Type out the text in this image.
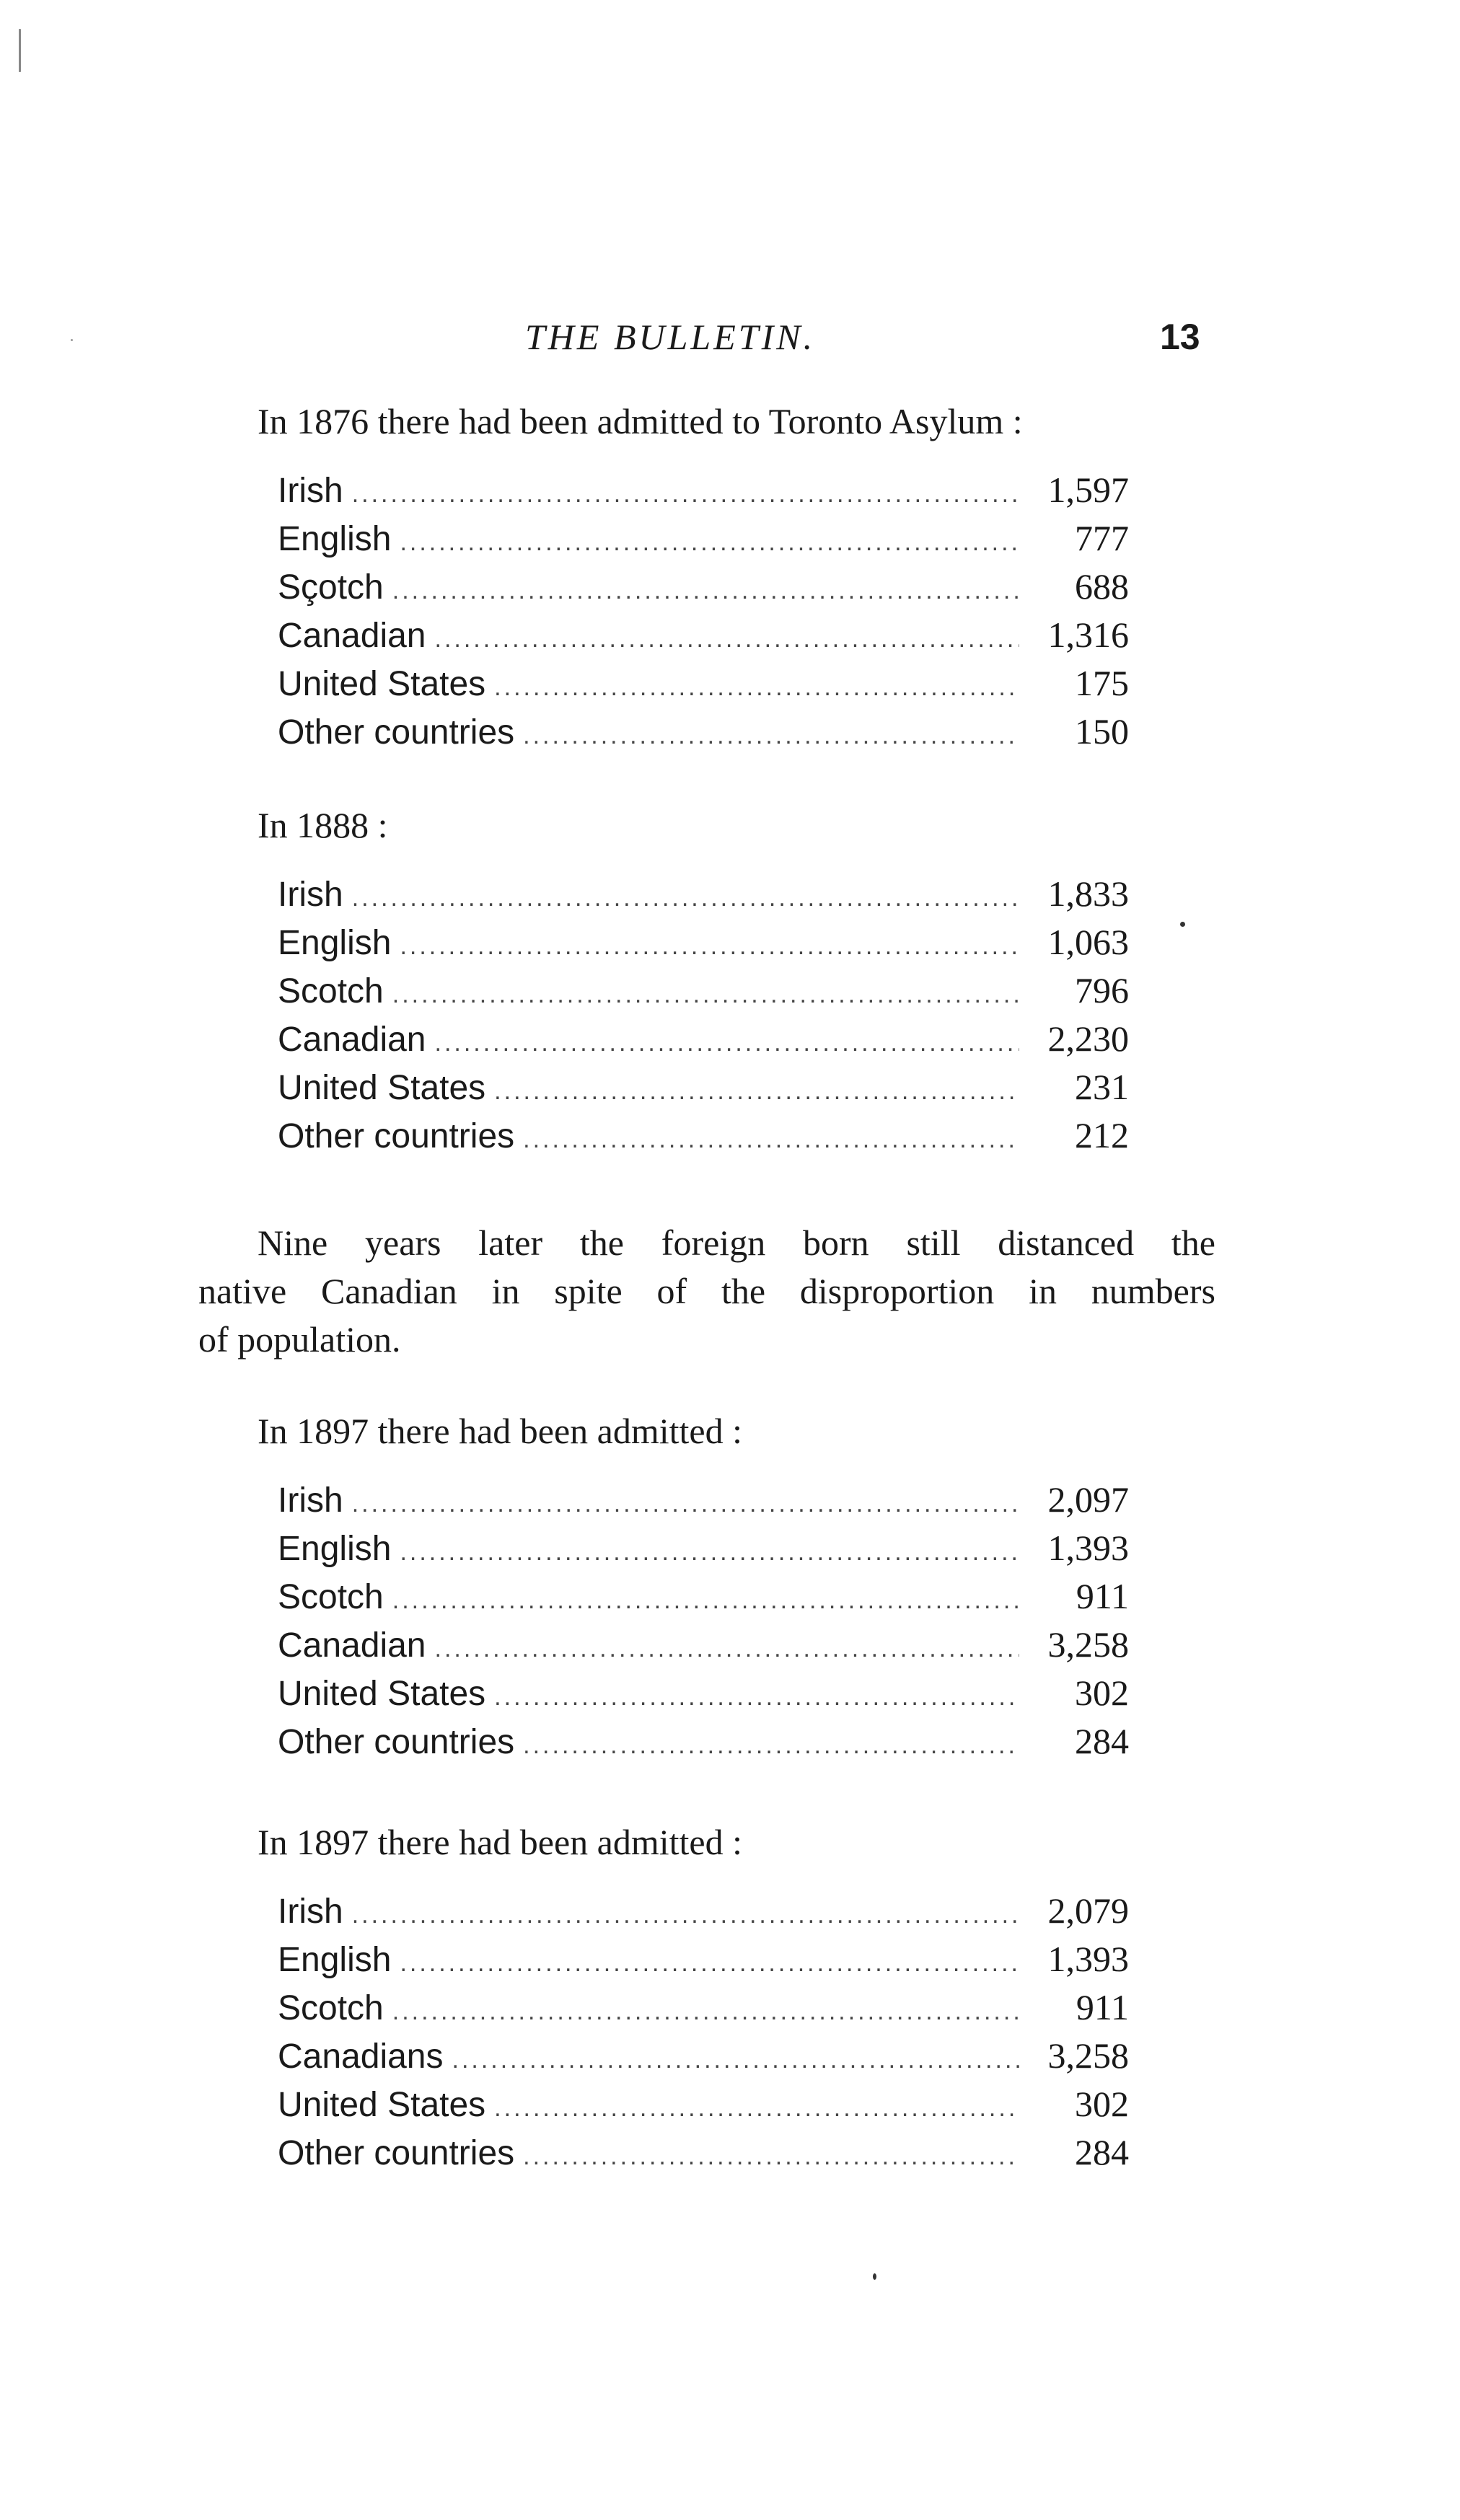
THE BULLETIN.	13
In 1876 there had been admitted to Toronto Asylum :
Irish .....	1,597
English .....	777
Sçotch .....	688
Canadian .....	1,316
United States .....	175
Other countries .....	150
In 1888 :
Irish .....	1,833
English .....	1,063
Scotch .....	796
Canadian .....	2,230
United States .....	231
Other countries .....	212
Nine years later the foreign born still distanced the
native Canadian in spite of the disproportion in numbers
of population.
In 1897 there had been admitted :
Irish .....	2,097
English .....	1,393
Scotch .....	911
Canadian .....	3,258
United States .....	302
Other countries .....	284
In 1897 there had been admitted :
Irish .....	2,079
English .....	1,393
Scotch .....	911
Canadians .....	3,258
United States .....	302
Other countries .....	284
